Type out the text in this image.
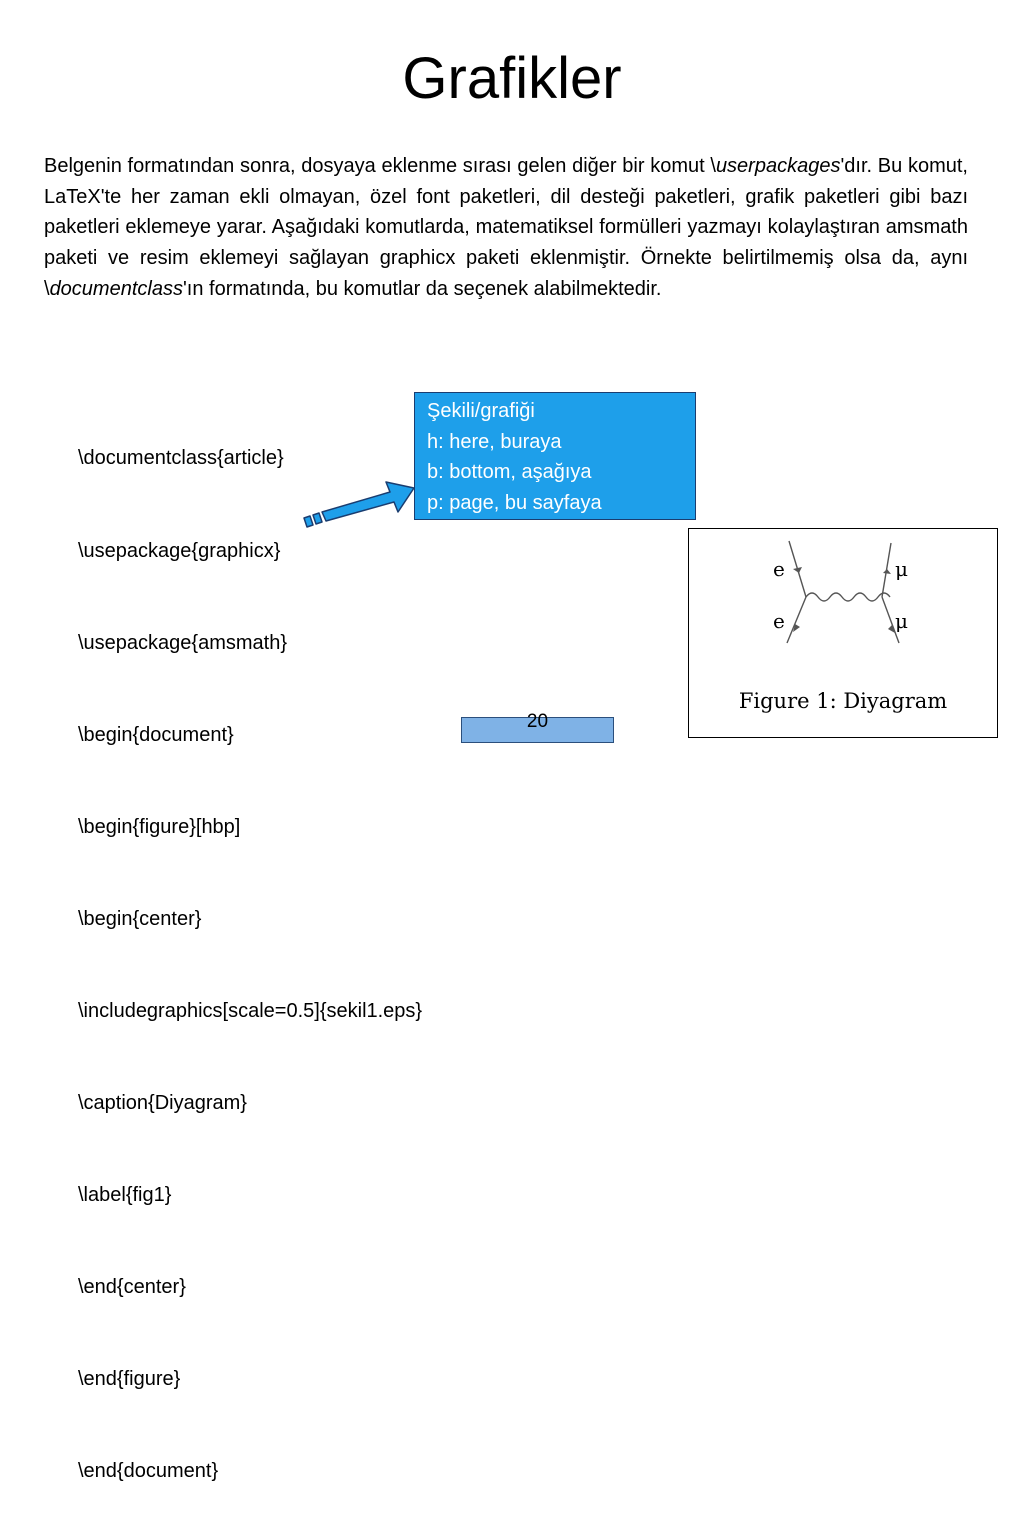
Grafikler
Belgenin formatından sonra, dosyaya eklenme sırası gelen diğer bir komut \userpackages'dır. Bu komut, LaTeX'te her zaman ekli olmayan, özel font paketleri, dil desteği paketleri, grafik paketleri gibi bazı paketleri eklemeye yarar. Aşağıdaki komutlarda, matematiksel formülleri yazmayı kolaylaştıran amsmath paketi ve resim eklemeyi sağlayan graphicx paketi eklenmiştir. Örnekte belirtilmemiş olsa da, aynı \documentclass'ın formatında, bu komutlar da seçenek alabilmektedir.

\documentclass{article}

\usepackage{graphicx}

\usepackage{amsmath}

\begin{document}

\begin{figure}[hbp]

\begin{center}

\includegraphics[scale=0.5]{sekil1.eps}

\caption{Diyagram}

\label{fig1}

\end{center}

\end{figure}

\end{document}

Şekili/grafiği
h: here, buraya
b: bottom, aşağıya
p: page, bu sayfaya
e
e
μ
μ
Figure 1: Diyagram
20
